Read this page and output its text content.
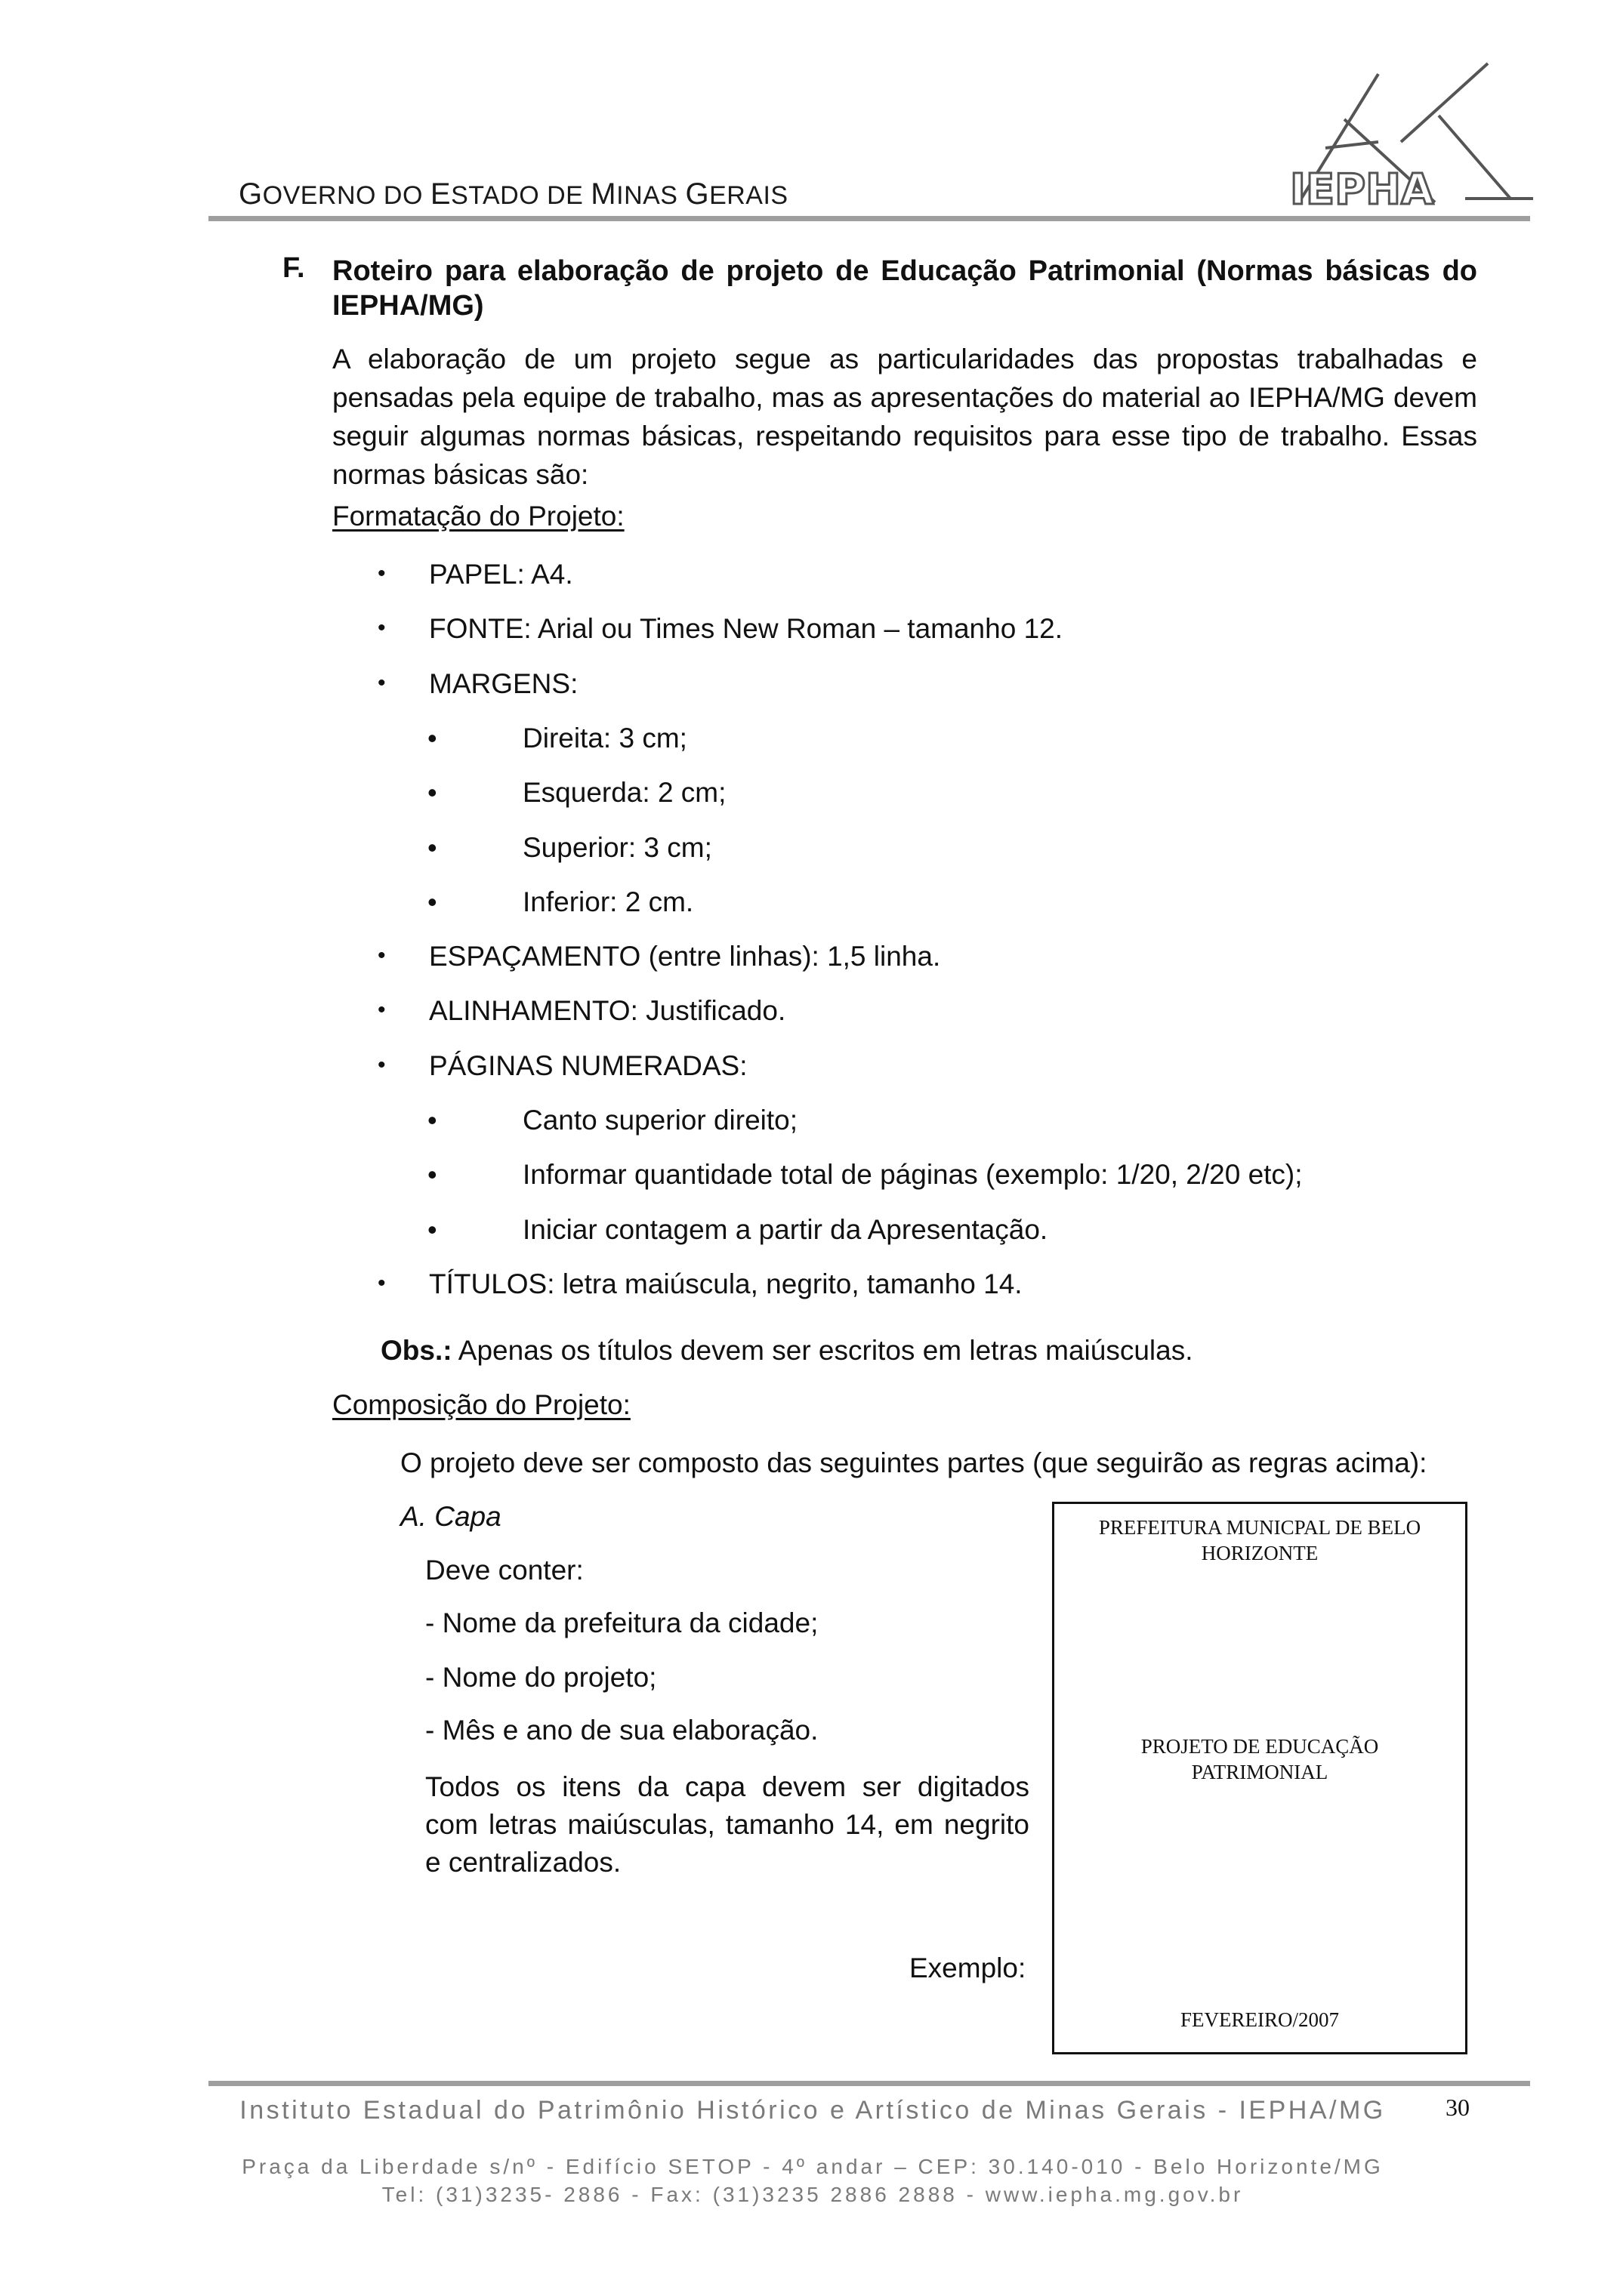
IEPHA
GOVERNO DO ESTADO DE MINAS GERAIS
F. Roteiro para elaboração de projeto de Educação Patrimonial (Normas básicas do
IEPHA/MG)
A elaboração de um projeto segue as particularidades das propostas trabalhadas e pensadas pela equipe de trabalho, mas as apresentações do material ao IEPHA/MG devem seguir algumas normas básicas, respeitando requisitos para esse tipo de trabalho. Essas normas básicas são:
Formatação do Projeto:
• PAPEL: A4.
• FONTE: Arial ou Times New Roman – tamanho 12.
• MARGENS:
•	Direita: 3 cm;
•	Esquerda: 2 cm;
•	Superior: 3 cm;
•	Inferior: 2 cm.
• ESPAÇAMENTO (entre linhas): 1,5 linha.
• ALINHAMENTO: Justificado.
• PÁGINAS NUMERADAS:
•	Canto superior direito;
•	Informar quantidade total de páginas (exemplo: 1/20, 2/20 etc);
•	Iniciar contagem a partir da Apresentação.
• TÍTULOS: letra maiúscula, negrito, tamanho 14.
Obs.: Apenas os títulos devem ser escritos em letras maiúsculas.
Composição do Projeto:
O projeto deve ser composto das seguintes partes (que seguirão as regras acima):
A. Capa
Deve conter:
- Nome da prefeitura da cidade;
- Nome do projeto;
- Mês e ano de sua elaboração.
Todos os itens da capa devem ser digitados com letras maiúsculas, tamanho 14, em negrito e centralizados.
Exemplo:
PREFEITURA MUNICPAL DE BELO HORIZONTE
PROJETO DE EDUCAÇÃO PATRIMONIAL
FEVEREIRO/2007
Instituto Estadual do Patrimônio Histórico e Artístico de Minas Gerais - IEPHA/MG
Praça da Liberdade s/nº - Edifício SETOP - 4º andar – CEP: 30.140-010 - Belo Horizonte/MG
Tel: (31)3235- 2886 - Fax: (31)3235 2886 2888 - www.iepha.mg.gov.br
30
